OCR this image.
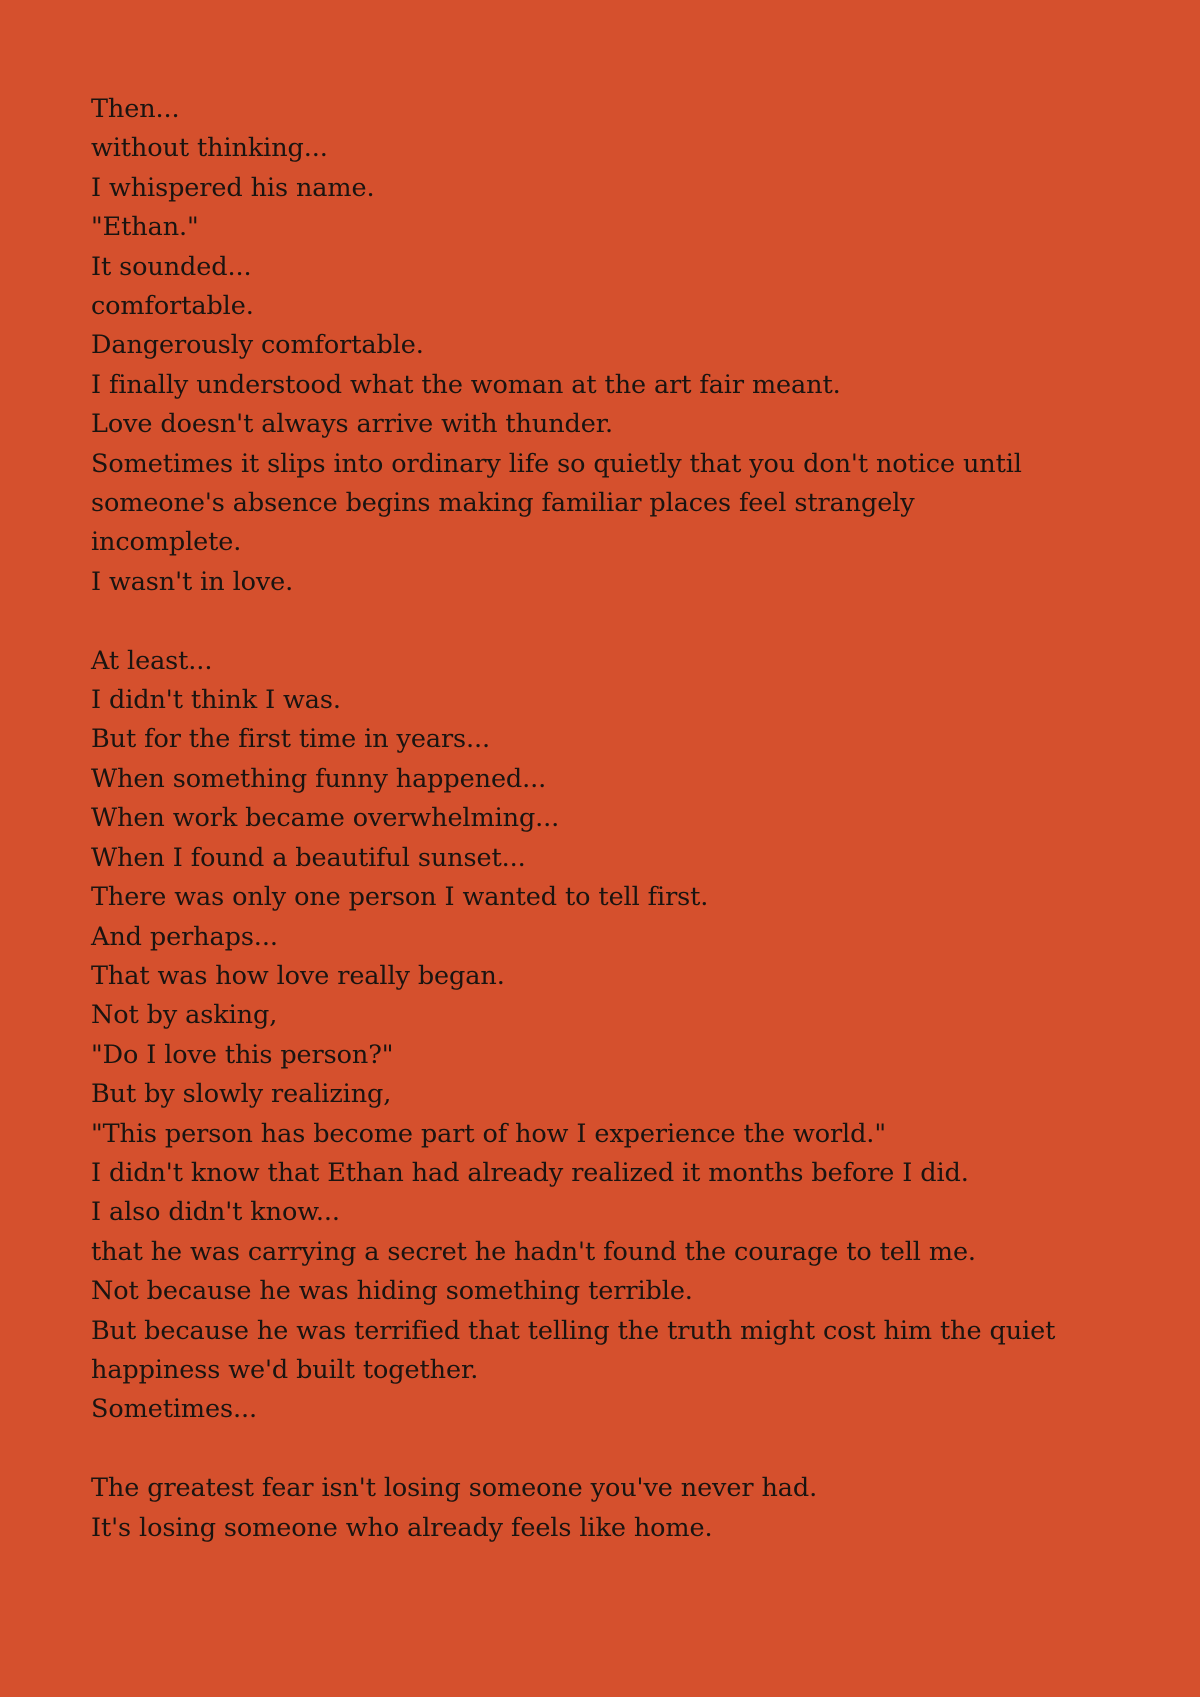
Then...
without thinking...
I whispered his name.
"Ethan."
It sounded...
comfortable.
Dangerously comfortable.
I finally understood what the woman at the art fair meant.
Love doesn't always arrive with thunder.
Sometimes it slips into ordinary life so quietly that you don't notice until
someone's absence begins making familiar places feel strangely
incomplete.
I wasn't in love.
At least...
I didn't think I was.
But for the first time in years...
When something funny happened...
When work became overwhelming...
When I found a beautiful sunset...
There was only one person I wanted to tell first.
And perhaps...
That was how love really began.
Not by asking,
"Do I love this person?"
But by slowly realizing,
"This person has become part of how I experience the world."
I didn't know that Ethan had already realized it months before I did.
I also didn't know...
that he was carrying a secret he hadn't found the courage to tell me.
Not because he was hiding something terrible.
But because he was terrified that telling the truth might cost him the quiet
happiness we'd built together.
Sometimes...
The greatest fear isn't losing someone you've never had.
It's losing someone who already feels like home.
